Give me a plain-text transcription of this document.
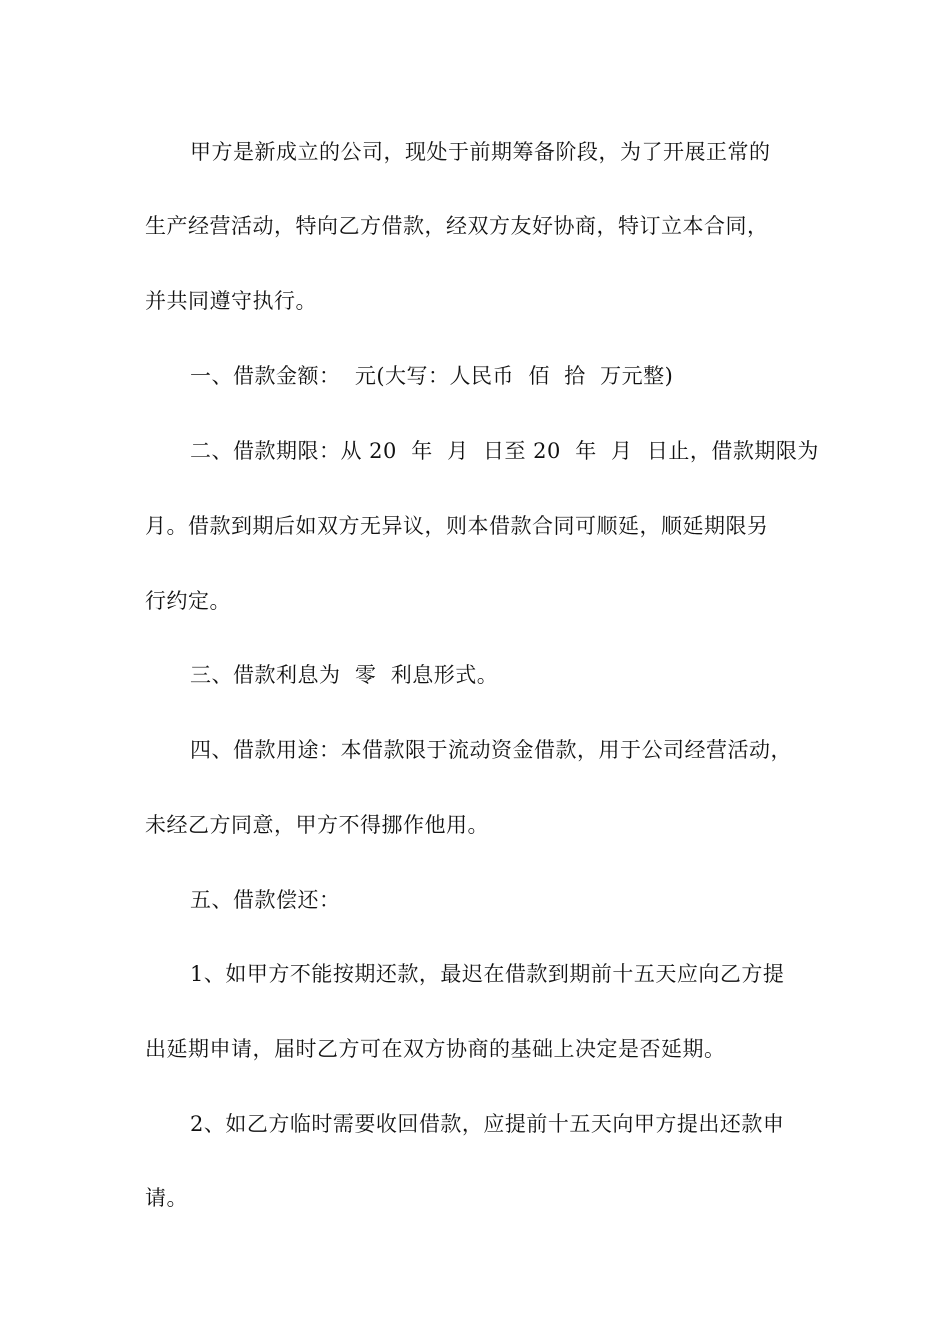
甲方是新成立的公司，现处于前期筹备阶段，为了开展正常的
生产经营活动，特向乙方借款，经双方友好协商，特订立本合同，
并共同遵守执行。
一、借款金额：  元(大写：人民币  佰  拾  万元整)
二、借款期限：从 20  年  月  日至 20  年  月  日止，借款期限为
月。借款到期后如双方无异议，则本借款合同可顺延，顺延期限另
行约定。
三、借款利息为  零  利息形式。
四、借款用途：本借款限于流动资金借款，用于公司经营活动，
未经乙方同意，甲方不得挪作他用。
五、借款偿还：
1、如甲方不能按期还款，最迟在借款到期前十五天应向乙方提
出延期申请，届时乙方可在双方协商的基础上决定是否延期。
2、如乙方临时需要收回借款，应提前十五天向甲方提出还款申
请。
